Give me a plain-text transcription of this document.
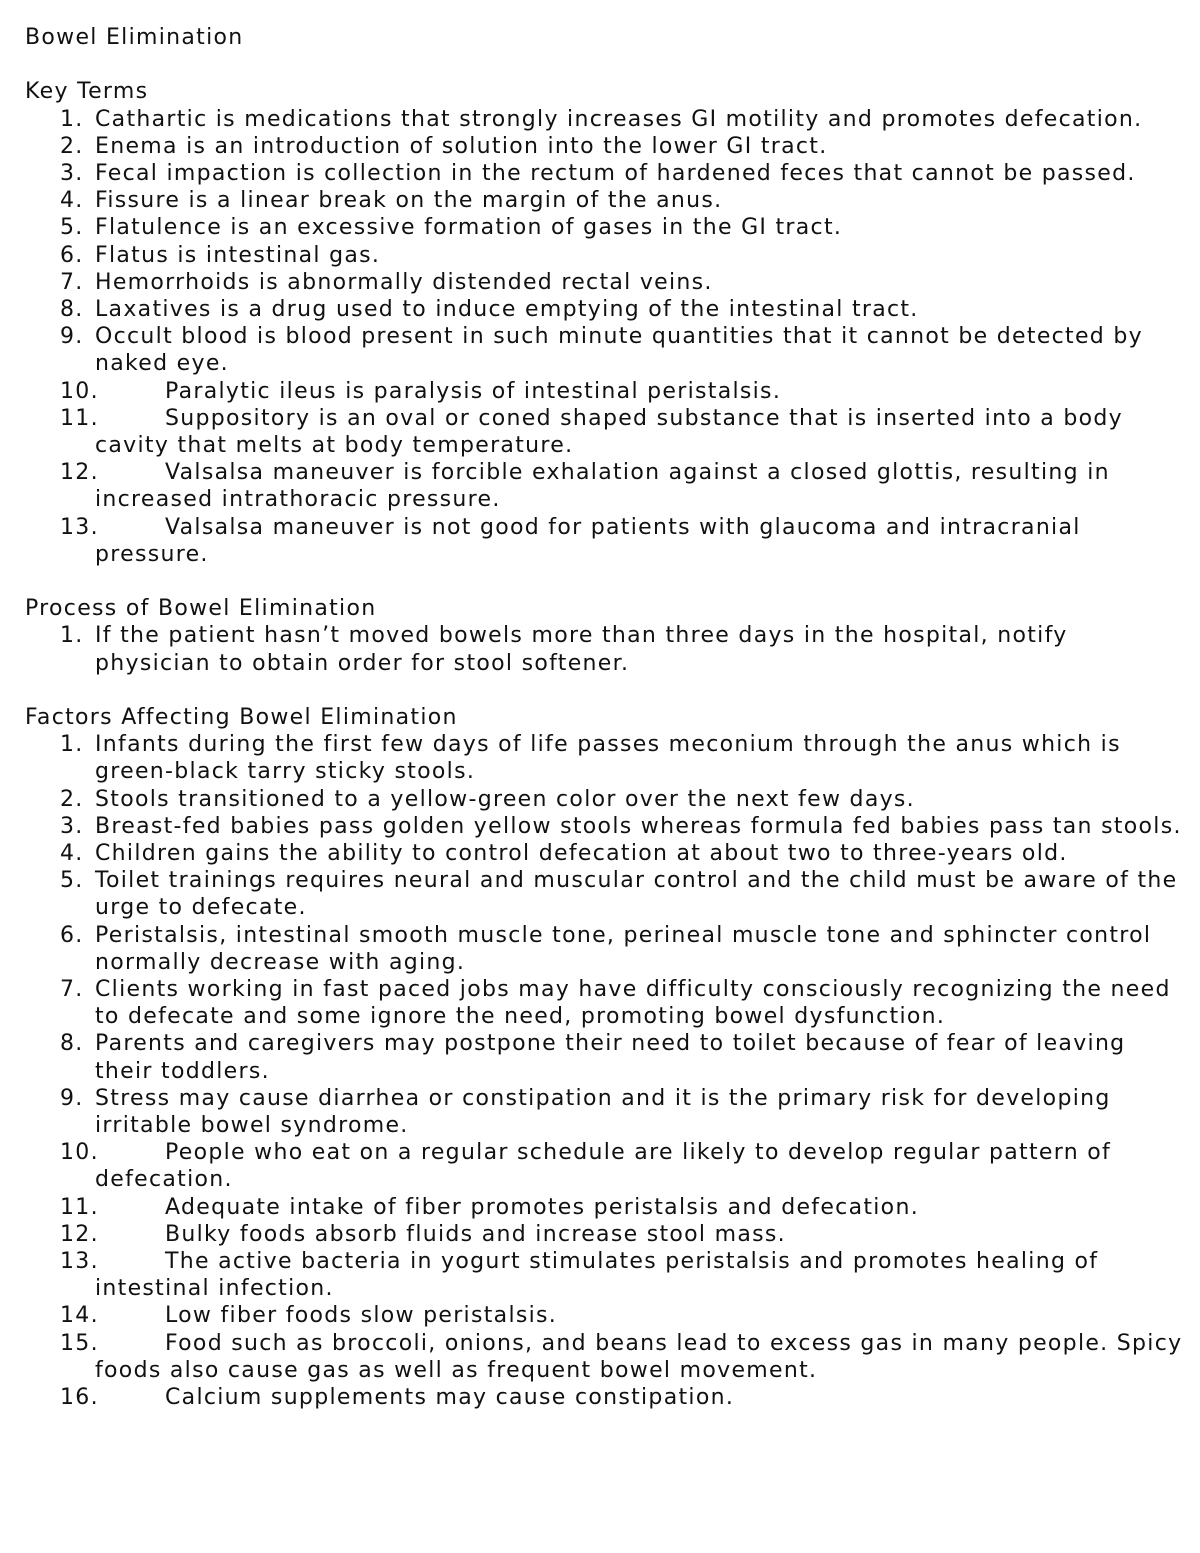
Bowel Elimination
Key Terms
1. Cathartic is medications that strongly increases GI motility and promotes defecation.
2. Enema is an introduction of solution into the lower GI tract.
3. Fecal impaction is collection in the rectum of hardened feces that cannot be passed.
4. Fissure is a linear break on the margin of the anus.
5. Flatulence is an excessive formation of gases in the GI tract.
6. Flatus is intestinal gas.
7. Hemorrhoids is abnormally distended rectal veins.
8. Laxatives is a drug used to induce emptying of the intestinal tract.
9. Occult blood is blood present in such minute quantities that it cannot be detected by naked eye.
10.	Paralytic ileus is paralysis of intestinal peristalsis.
11.	Suppository is an oval or coned shaped substance that is inserted into a body cavity that melts at body temperature.
12.	Valsalsa maneuver is forcible exhalation against a closed glottis, resulting in increased intrathoracic pressure.
13.	Valsalsa maneuver is not good for patients with glaucoma and intracranial pressure.
Process of Bowel Elimination
1. If the patient hasn’t moved bowels more than three days in the hospital, notify physician to obtain order for stool softener.
Factors Affecting Bowel Elimination
1. Infants during the first few days of life passes meconium through the anus which is green-black tarry sticky stools.
2. Stools transitioned to a yellow-green color over the next few days.
3. Breast-fed babies pass golden yellow stools whereas formula fed babies pass tan stools.
4. Children gains the ability to control defecation at about two to three-years old.
5. Toilet trainings requires neural and muscular control and the child must be aware of the urge to defecate.
6. Peristalsis, intestinal smooth muscle tone, perineal muscle tone and sphincter control normally decrease with aging.
7. Clients working in fast paced jobs may have difficulty consciously recognizing the need to defecate and some ignore the need, promoting bowel dysfunction.
8. Parents and caregivers may postpone their need to toilet because of fear of leaving their toddlers.
9. Stress may cause diarrhea or constipation and it is the primary risk for developing irritable bowel syndrome.
10.	People who eat on a regular schedule are likely to develop regular pattern of defecation.
11.	Adequate intake of fiber promotes peristalsis and defecation.
12.	Bulky foods absorb fluids and increase stool mass.
13.	The active bacteria in yogurt stimulates peristalsis and promotes healing of intestinal infection.
14.	Low fiber foods slow peristalsis.
15.	Food such as broccoli, onions, and beans lead to excess gas in many people. Spicy foods also cause gas as well as frequent bowel movement.
16.	Calcium supplements may cause constipation.
